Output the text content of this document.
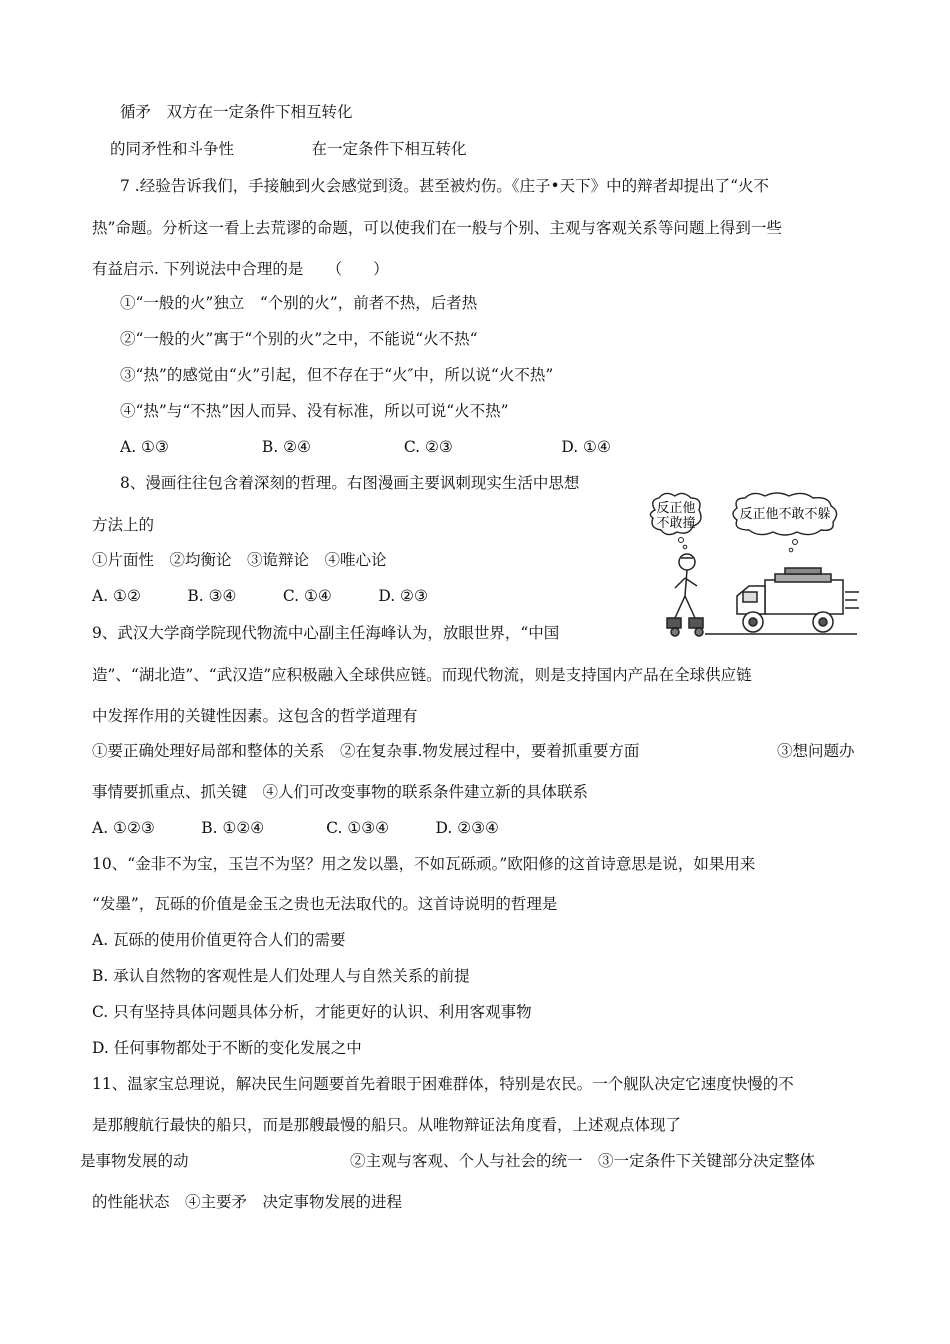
循矛　双方在一定条件下相互转化
的同矛性和斗争性　　　　　在一定条件下相互转化
7 .经验告诉我们，手接触到火会感觉到烫。甚至被灼伤。《庄子•天下》中的辩者却提出了“火不
热”命题。分析这一看上去荒谬的命题，可以使我们在一般与个别、主观与客观关系等问题上得到一些
有益启示. 下列说法中合理的是　　（　　）
①“一般的火”独立　“个别的火”，前者不热，后者热
②“一般的火”寓于“个别的火”之中，不能说“火不热“
③“热”的感觉由“火”引起，但不存在于“火″中，所以说“火不热”
④“热”与“不热”因人而异、没有标准，所以可说“火不热”
A. ①③　　　　　　B. ②④　　　　　　C. ②③　　　　　　　D. ①④
8、漫画往往包含着深刻的哲理。右图漫画主要讽刺现实生活中思想
方法上的
①片面性　②均衡论　③诡辩论　④唯心论
A. ①②　　　B. ③④　　　C. ①④　　　D. ②③
9、武汉大学商学院现代物流中心副主任海峰认为，放眼世界，“中国
造”、“湖北造”、“武汉造”应积极融入全球供应链。而现代物流，则是支持国内产品在全球供应链
中发挥作用的关键性因素。这包含的哲学道理有
①要正确处理好局部和整体的关系　②在复杂事.物发展过程中，要着抓重要方面	③想问题办
事情要抓重点、抓关键　④人们可改变事物的联系条件建立新的具体联系
A. ①②③　　　B. ①②④　　　　C. ①③④　　　D. ②③④
10、“金非不为宝，玉岂不为坚？用之发以墨，不如瓦砾顽。”欧阳修的这首诗意思是说，如果用来
“发墨”，瓦砾的价值是金玉之贵也无法取代的。这首诗说明的哲理是
A. 瓦砾的使用价值更符合人们的需要
B. 承认自然物的客观性是人们处理人与自然关系的前提
C. 只有坚持具体问题具体分析，才能更好的认识、利用客观事物
D. 任何事物都处于不断的变化发展之中
11、温家宝总理说，解决民生问题要首先着眼于困难群体，特别是农民。一个舰队决定它速度快慢的不
是那艘航行最快的船只，而是那艘最慢的船只。从唯物辩证法角度看，上述观点体现了
是事物发展的动	②主观与客观、个人与社会的统一　③一定条件下关键部分决定整体
的性能状态　④主要矛　决定事物发展的进程
反正他
不敢撞
反正他不敢不躲
